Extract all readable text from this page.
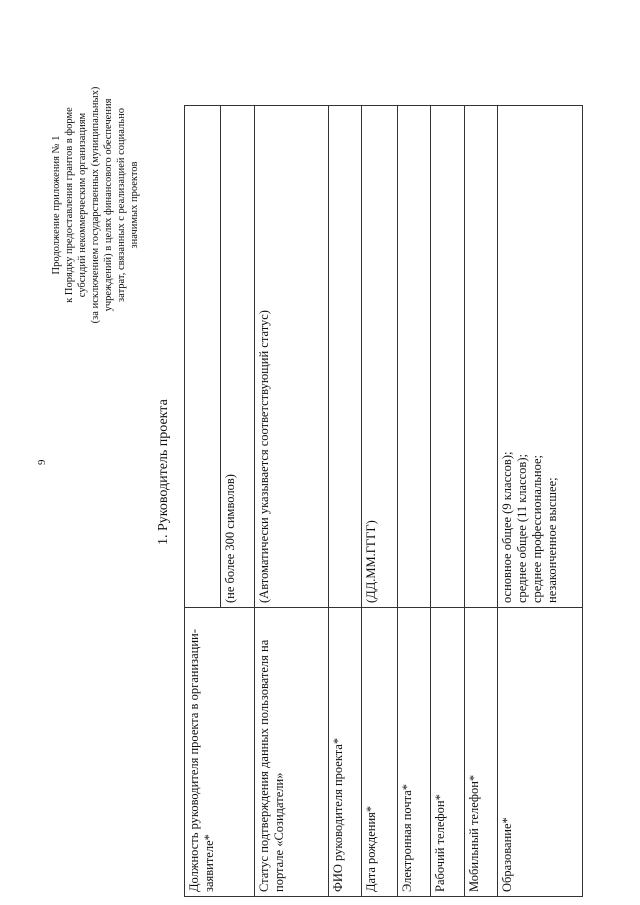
9
Продолжение приложения № 1 к Порядку предоставления грантов в форме субсидий некоммерческим организациям (за исключением государственных (муниципальных) учреждений) в целях финансового обеспечения затрат, связанных с реализацией социально значимых проектов
1. Руководитель проекта
Должность руководителя проекта в организации-заявителе*	
	(не более 300 символов)
Статус подтверждения данных пользователя на портале «Созидатели»	(Автоматически указывается соответствующий статус)
ФИО руководителя проекта*	
Дата рождения*	(ДД.ММ.ГГГГ)
Электронная почта*	
Рабочий телефон*	
Мобильный телефон*	
Образование*	основное общее (9 классов); среднее общее (11 классов); среднее профессиональное; незаконченное высшее;
